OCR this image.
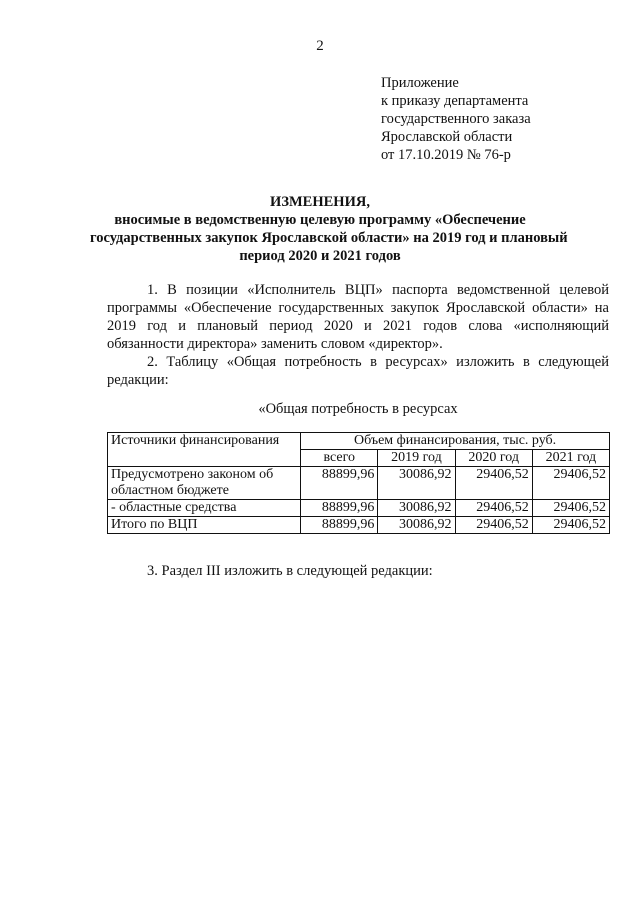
2
Приложение
к приказу департамента
государственного заказа
Ярославской области
от 17.10.2019 № 76-р
ИЗМЕНЕНИЯ,
вносимые в ведомственную целевую программу «Обеспечение
государственных закупок Ярославской области» на 2019 год и плановый
период 2020 и 2021 годов

1. В позиции «Исполнитель ВЦП» паспорта ведомственной целевой программы «Обеспечение государственных закупок Ярославской области» на 2019 год и плановый период 2020 и 2021 годов слова «исполняющий обязанности директора» заменить словом «директор».

2. Таблицу «Общая потребность в ресурсах» изложить в следующей редакции:

«Общая потребность в ресурсах
Источники финансирования	Объем финансирования, тыс. руб.			
	всего	2019 год	2020 год	2021 год
Предусмотрено законом об областном бюджете	88899,96	30086,92	29406,52	29406,52
- областные средства	88899,96	30086,92	29406,52	29406,52
Итого по ВЦП	88899,96	30086,92	29406,52	29406,52
3. Раздел III изложить в следующей редакции:
